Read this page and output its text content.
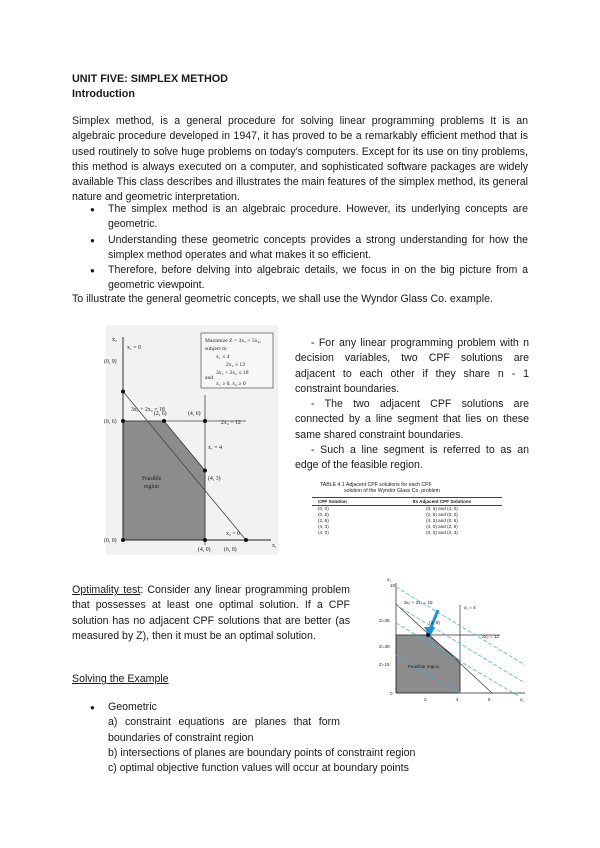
UNIT FIVE: SIMPLEX METHOD
Introduction
Simplex method, is a general procedure for solving linear programming problems It is an algebraic procedure developed in 1947, it has proved to be a remarkably efficient method that is used routinely to solve huge problems on today's computers. Except for its use on tiny problems, this method is always executed on a computer, and sophisticated software packages are widely available This class describes and illustrates the main features of the simplex method, its general nature and geometric interpretation.
● The simplex method is an algebraic procedure. However, its underlying concepts are geometric.
● Understanding these geometric concepts provides a strong understanding for how the simplex method operates and what makes it so efficient.
● Therefore, before delving into algebraic details, we focus in on the big picture from a geometric viewpoint.
To illustrate the general geometric concepts, we shall use the Wyndor Glass Co. example.
Maximize Z = 3x₁ + 5x₂,
subject to
x₁ ≤ 4
2x₂ ≤ 12
3x₁ + 2x₂ ≤ 18
and
x₁ ≥ 0, x₂ ≥ 0
x₂
x₁
x₁ = 0
x₂ = 0
3x₁ + 2x₂ = 18
2x₂ = 12
x₁ = 4
(0, 9)
(0, 6)
(0, 0)
(2, 6)	(4, 6)
(4, 3)
(4, 0) (6, 0)
Feasible
region

- For any linear programming problem with n decision variables, two CPF solutions are adjacent to each other if they share n - 1 constraint boundaries.

- The two adjacent CPF solutions are connected by a line segment that lies on these same shared constraint boundaries.

- Such a line segment is referred to as an edge of the feasible region.

TABLE 4.1 Adjacent CPF solutions for each CPF
solution of the Wyndor Glass Co. problem
CPF Solution	Its Adjacent CPF Solutions
(0, 0)	(0, 6) and (4, 0)
(0, 6)	(2, 6) and (0, 0)
(2, 6)	(4, 3) and (0, 6)
(4, 3)	(4, 0) and (2, 6)
(4, 0)	(0, 0) and (4, 3)
Optimality test: Consider any linear programming problem that possesses at least one optimal solution. If a CPF solution has no adjacent CPF solutions that are better (as measured by Z), then it must be an optimal solution.
3x₁ + 2x₂ = 18
x₁ = 4
2x₂ = 12
(2, 6)
Z=30
Z=36
Z=15	Feasible region
x₂
x₁
10
0
2	4	6
Solving the Example
● Geometric
a) constraint equations are planes that form boundaries of constraint region
b) intersections of planes are boundary points of constraint region
c) optimal objective function values will occur at boundary points
